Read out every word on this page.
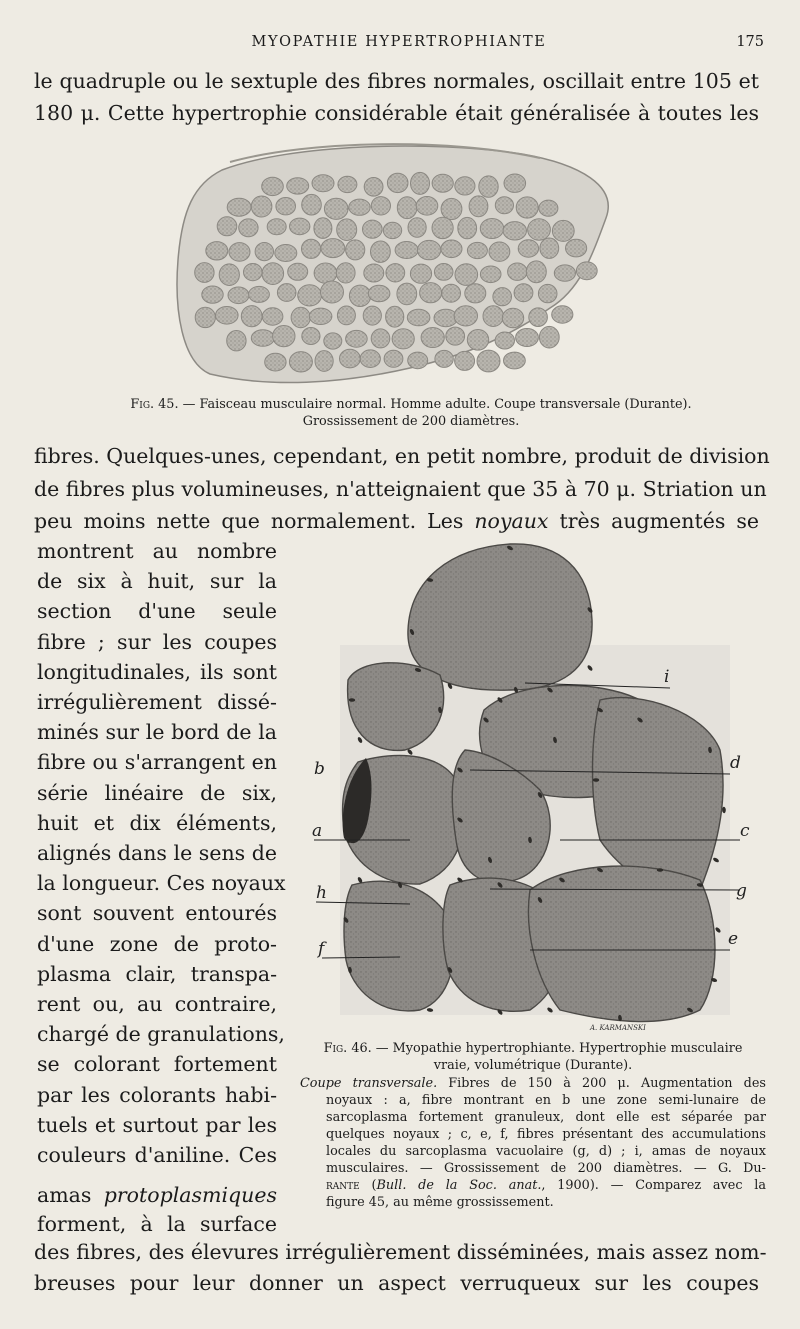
MYOPATHIE HYPERTROPHIANTE	175
le quadruple ou le sextuple des fibres normales, oscillait entre 105 et
180 μ. Cette hypertrophie considérable était généralisée à toutes les
Fig. 45. — Faisceau musculaire normal. Homme adulte. Coupe transversale (Durante).
Grossissement de 200 diamètres.
fibres. Quelques-unes, cependant, en petit nombre, produit de division
de fibres plus volumineuses, n'atteignaient que 35 à 70 μ. Striation un
peu moins nette que normalement. Les noyaux très augmentés se
montrent au nombre
de six à huit, sur la
section d'une seule
fibre ; sur les coupes
longitudinales, ils sont
irrégulièrement dissé-
minés sur le bord de la
fibre ou s'arrangent en
série linéaire de six,
huit et dix éléments,
alignés dans le sens de
la longueur. Ces noyaux
sont souvent entourés
d'une zone de proto-
plasma clair, transpa-
rent ou, au contraire,
chargé de granulations,
se colorant fortement
par les colorants habi-
tuels et surtout par les
couleurs d'aniline. Ces
amas protoplasmiques
forment, à la surface
i
b	d
a	c
h	g
f	e
A. KARMANSKI
Fig. 46. — Myopathie hypertrophiante. Hypertrophie musculaire
vraie, volumétrique (Durante).
Coupe transversale. Fibres de 150 à 200 μ. Augmentation des
noyaux : a, fibre montrant en b une zone semi-lunaire de
sarcoplasma fortement granuleux, dont elle est séparée par
quelques noyaux ; c, e, f, fibres présentant des accumulations
locales du sarcoplasma vacuolaire (g, d) ; i, amas de noyaux
musculaires. — Grossissement de 200 diamètres. — G. Du-
rante (Bull. de la Soc. anat., 1900). — Comparez avec la
figure 45, au même grossissement.
des fibres, des élevures irrégulièrement disséminées, mais assez nom-
breuses pour leur donner un aspect verruqueux sur les coupes
